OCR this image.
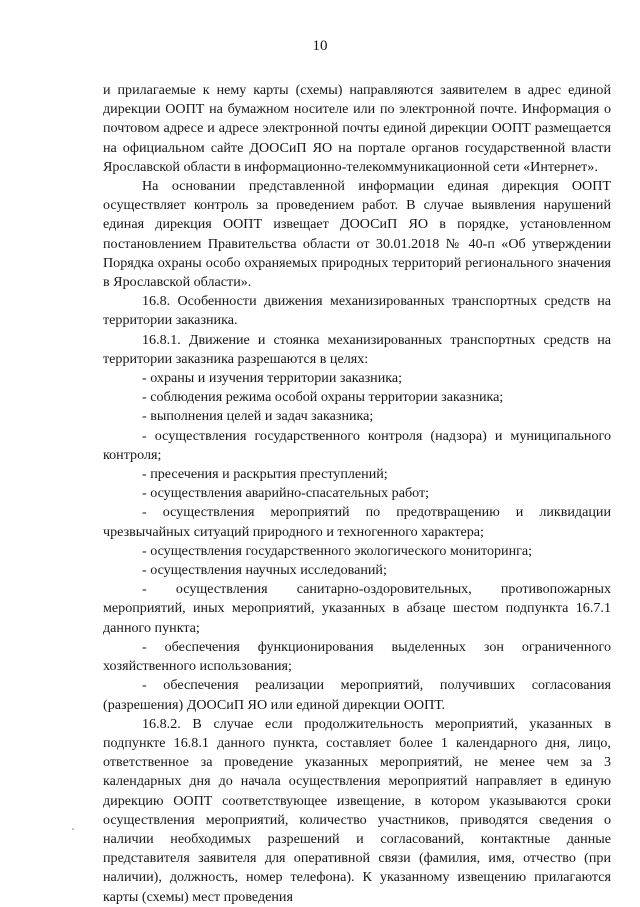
10

и прилагаемые к нему карты (схемы) направляются заявителем в адрес единой дирекции ООПТ на бумажном носителе или по электронной почте. Информация о почтовом адресе и адресе электронной почты единой дирекции ООПТ размещается на официальном сайте ДООСиП ЯО на портале органов государственной власти Ярославской области в информационно-телекоммуникационной сети «Интернет».

На основании представленной информации единая дирекция ООПТ осуществляет контроль за проведением работ. В случае выявления нарушений единая дирекция ООПТ извещает ДООСиП ЯО в порядке, установленном постановлением Правительства области от 30.01.2018 № 40-п «Об утверждении Порядка охраны особо охраняемых природных территорий регионального значения в Ярославской области».

16.8. Особенности движения механизированных транспортных средств на территории заказника.

16.8.1. Движение и стоянка механизированных транспортных средств на территории заказника разрешаются в целях:

- охраны и изучения территории заказника;

- соблюдения режима особой охраны территории заказника;

- выполнения целей и задач заказника;

- осуществления государственного контроля (надзора) и муниципального контроля;

- пресечения и раскрытия преступлений;

- осуществления аварийно-спасательных работ;

- осуществления мероприятий по предотвращению и ликвидации чрезвычайных ситуаций природного и техногенного характера;

- осуществления государственного экологического мониторинга;

- осуществления научных исследований;

- осуществления санитарно-оздоровительных, противопожарных мероприятий, иных мероприятий, указанных в абзаце шестом подпункта 16.7.1 данного пункта;

- обеспечения функционирования выделенных зон ограниченного хозяйственного использования;

- обеспечения реализации мероприятий, получивших согласования (разрешения) ДООСиП ЯО или единой дирекции ООПТ.

16.8.2. В случае если продолжительность мероприятий, указанных в подпункте 16.8.1 данного пункта, составляет более 1 календарного дня, лицо, ответственное за проведение указанных мероприятий, не менее чем за 3 календарных дня до начала осуществления мероприятий направляет в единую дирекцию ООПТ соответствующее извещение, в котором указываются сроки осуществления мероприятий, количество участников, приводятся сведения о наличии необходимых разрешений и согласований, контактные данные представителя заявителя для оперативной связи (фамилия, имя, отчество (при наличии), должность, номер телефона). К указанному извещению прилагаются карты (схемы) мест проведения
